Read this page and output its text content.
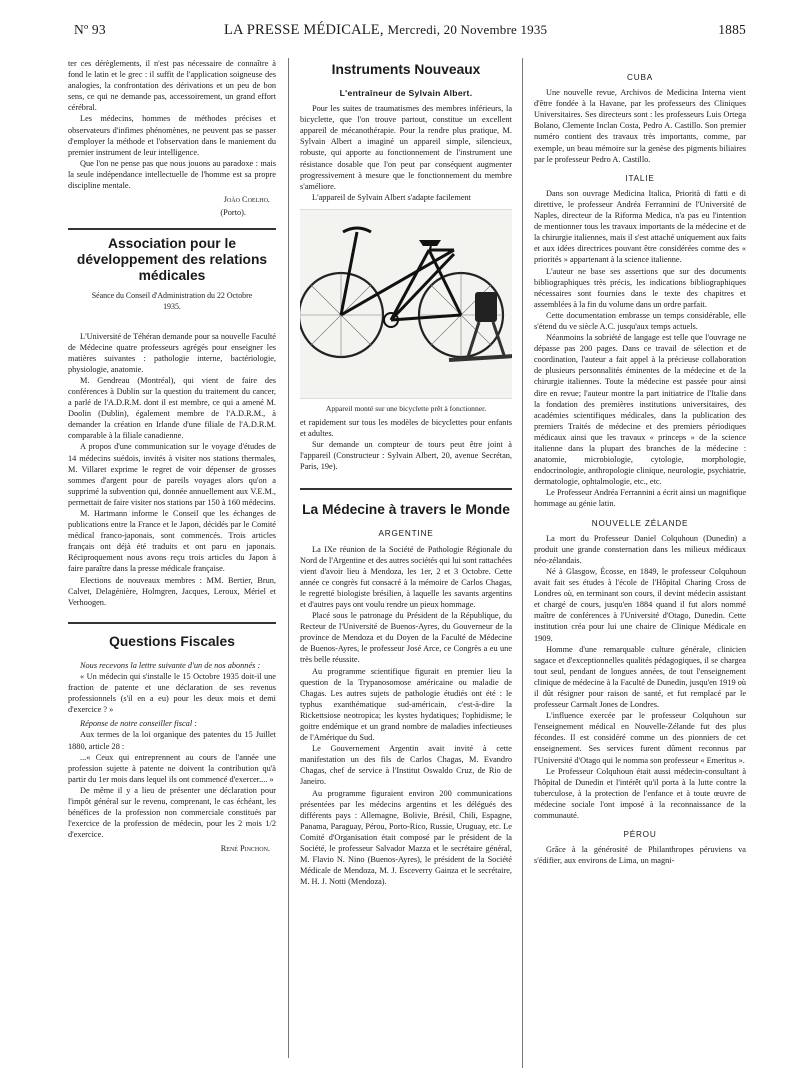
Nº 93	LA PRESSE MÉDICALE, Mercredi, 20 Novembre 1935	1885

ter ces dérèglements, il n'est pas nécessaire de connaître à fond le latin et le grec : il suffit de l'application soigneuse des analogies, la confrontation des dérivations et un peu de bon sens, ce qui ne demande pas, accessoirement, un grand effort cérébral.

Les médecins, hommes de méthodes précises et observateurs d'infimes phénomènes, ne peuvent pas se passer d'employer la méthode et l'observation dans le maniement du premier instrument de leur intelligence.

Que l'on ne pense pas que nous jouons au paradoxe : mais la seule indépendance intellectuelle de l'homme est sa propre discipline mentale.

João Coelho.
(Porto).
Association pour le développement des relations médicales

Séance du Conseil d'Administration du 22 Octobre 1935.

L'Université de Téhéran demande pour sa nouvelle Faculté de Médecine quatre professeurs agrégés pour enseigner les matières suivantes : pathologie interne, bactériologie, physiologie, anatomie.

M. Gendreau (Montréal), qui vient de faire des conférences à Dublin sur la question du traitement du cancer, a parlé de l'A.D.R.M. dont il est membre, ce qui a amené M. Doolin (Dublin), également membre de l'A.D.R.M., à demander la création en Irlande d'une filiale de l'A.D.R.M. comparable à la filiale canadienne.

A propos d'une communication sur le voyage d'études de 14 médecins suédois, invités à visiter nos stations thermales, M. Villaret exprime le regret de voir dépenser de grosses sommes d'argent pour de pareils voyages alors qu'on a supprimé la subvention qui, donnée annuellement aux V.E.M., permettait de faire visiter nos stations par 150 à 160 médecins.

M. Hartmann informe le Conseil que les échanges de publications entre la France et le Japon, décidés par le Comité médical franco-japonais, sont commencés. Trois articles français ont déjà été traduits et ont paru en japonais. Réciproquement nous avons reçu trois articles du Japon à faire paraître dans la presse médicale française.

Elections de nouveaux membres : MM. Bertier, Brun, Calvet, Delagénière, Holmgren, Jacques, Leroux, Mériel et Verhoogen.

Questions Fiscales

Nous recevons la lettre suivante d'un de nos abonnés :

« Un médecin qui s'installe le 15 Octobre 1935 doit-il une fraction de patente et une déclaration de ses revenus professionnels (s'il en a eu) pour les deux mois et demi d'exercice ? »

Réponse de notre conseiller fiscal :

Aux termes de la loi organique des patentes du 15 Juillet 1880, article 28 :

...« Ceux qui entreprennent au cours de l'année une profession sujette à patente ne doivent la contribution qu'à partir du 1er mois dans lequel ils ont commencé d'exercer.... »

De même il y a lieu de présenter une déclaration pour l'impôt général sur le revenu, comprenant, le cas échéant, les bénéfices de la profession non commerciale constitués par l'exercice de la profession de médecin, pour les 2 mois 1/2 d'exercice.

René Pinchon.
Instruments Nouveaux
L'entraîneur de Sylvain Albert.

Pour les suites de traumatismes des membres inférieurs, la bicyclette, que l'on trouve partout, constitue un excellent appareil de mécanothérapie. Pour la rendre plus pratique, M. Sylvain Albert a imaginé un appareil simple, silencieux, robuste, qui apporte au fonctionnement de l'instrument une résistance dosable que l'on peut par conséquent augmenter progressivement à mesure que le fonctionnement du membre s'améliore.

L'appareil de Sylvain Albert s'adapte facilement

Appareil monté sur une bicyclette prêt à fonctionner.

et rapidement sur tous les modèles de bicyclettes pour enfants et adultes.

Sur demande un compteur de tours peut être joint à l'appareil (Constructeur : Sylvain Albert, 20, avenue Secrétan, Paris, 19e).

La Médecine à travers le Monde
ARGENTINE

La IXe réunion de la Société de Pathologie Régionale du Nord de l'Argentine et des autres sociétés qui lui sont rattachées vient d'avoir lieu à Mendoza, les 1er, 2 et 3 Octobre. Cette année ce congrès fut consacré à la mémoire de Carlos Chagas, le regretté biologiste brésilien, à laquelle les savants argentins et d'autres pays ont voulu rendre un pieux hommage.

Placé sous le patronage du Président de la République, du Recteur de l'Université de Buenos-Ayres, du Gouverneur de la province de Mendoza et du Doyen de la Faculté de Médecine de Buenos-Ayres, le professeur José Arce, ce Congrès a eu une très belle réussite.

Au programme scientifique figurait en premier lieu la question de la Trypanosomose américaine ou maladie de Chagas. Les autres sujets de pathologie étudiés ont été : le typhus exanthématique sud-américain, c'est-à-dire la Rickettsiose neotropica; les kystes hydatiques; l'ophidisme; le goitre endémique et un grand nombre de maladies infectieuses de l'Amérique du Sud.

Le Gouvernement Argentin avait invité à cette manifestation un des fils de Carlos Chagas, M. Evandro Chagas, chef de service à l'Institut Oswaldo Cruz, de Rio de Janeiro.

Au programme figuraient environ 200 communications présentées par les médecins argentins et les délégués des différents pays : Allemagne, Bolivie, Brésil, Chili, Espagne, Panama, Paraguay, Pérou, Porto-Rico, Russie, Uruguay, etc. Le Comité d'Organisation était composé par le président de la Société, le professeur Salvador Mazza et le secrétaire général, M. Flavio N. Nino (Buenos-Ayres), le président de la Société Médicale de Mendoza, M. J. Esceverry Gainza et le secrétaire, M. H. J. Notti (Mendoza).

CUBA

Une nouvelle revue, Archivos de Medicina Interna vient d'être fondée à la Havane, par les professeurs des Cliniques Universitaires. Ses directeurs sont : les professeurs Luis Ortega Bolano, Clemente Inclan Costa, Pedro A. Castillo. Son premier numéro contient des travaux très importants, comme, par exemple, un beau mémoire sur la genèse des pigments biliaires par le professeur Pedro A. Castillo.

ITALIE

Dans son ouvrage Medicina Italica, Priorità di fatti e di direttive, le professeur Andréa Ferrannini de l'Université de Naples, directeur de la Riforma Medica, n'a pas eu l'intention de mentionner tous les travaux importants de la médecine et de la chirurgie italiennes, mais il s'est attaché uniquement aux faits et aux idées directrices pouvant être considérées comme des « priorités » appartenant à la science italienne.

L'auteur ne base ses assertions que sur des documents bibliographiques très précis, les indications bibliographiques nécessaires sont fournies dans le texte des chapitres et assemblées à la fin du volume dans un ordre parfait.

Cette documentation embrasse un temps considérable, elle s'étend du ve siècle A.C. jusqu'aux temps actuels.

Néanmoins la sobriété de langage est telle que l'ouvrage ne dépasse pas 200 pages. Dans ce travail de sélection et de coordination, l'auteur a fait appel à la précieuse collaboration de plusieurs personnalités éminentes de la médecine et de la chirurgie italiennes. Toute la médecine est passée pour ainsi dire en revue; l'auteur montre la part initiatrice de l'Italie dans la fondation des premières institutions universitaires, des académies scientifiques médicales, dans la publication des premiers Traités de médecine et des premiers périodiques médicaux ainsi que les travaux « princeps » de la science italienne dans la plupart des branches de la médecine : anatomie, microbiologie, cytologie, morphologie, endocrinologie, anthropologie clinique, neurologie, psychiatrie, dermatologie, ophtalmologie, etc., etc.

Le Professeur Andréa Ferrannini a écrit ainsi un magnifique hommage au génie latin.

NOUVELLE ZÉLANDE

La mort du Professeur Daniel Colquhoun (Dunedin) a produit une grande consternation dans les milieux médicaux néo-zélandais.

Né à Glasgow, Écosse, en 1849, le professeur Colquhoun avait fait ses études à l'école de l'Hôpital Charing Cross de Londres où, en terminant son cours, il devint médecin assistant et chargé de cours, jusqu'en 1884 quand il fut alors nommé maître de conférences à l'Université d'Otago, Dunedin. Cette institution créa pour lui une chaire de Clinique Médicale en 1909.

Homme d'une remarquable culture générale, clinicien sagace et d'exceptionnelles qualités pédagogiques, il se chargea tout seul, pendant de longues années, de tout l'enseignement clinique de médecine à la Faculté de Dunedin, jusqu'en 1919 où il dût résigner pour raison de santé, et fut remplacé par le professeur Carmalt Jones de Londres.

L'influence exercée par le professeur Colquhoun sur l'enseignement médical en Nouvelle-Zélande fut des plus fécondes. Il est considéré comme un des pionniers de cet enseignement. Ses services furent dûment reconnus par l'Université d'Otago qui le nomma son professeur « Emeritus ».

Le Professeur Colquhoun était aussi médecin-consultant à l'hôpital de Dunedin et l'intérêt qu'il porta à la lutte contre la tuberculose, à la protection de l'enfance et à toute œuvre de médecine sociale l'ont imposé à la reconnaissance de la communauté.

PÉROU

Grâce à la générosité de Philanthropes péruviens va s'édifier, aux environs de Lima, un magni-
